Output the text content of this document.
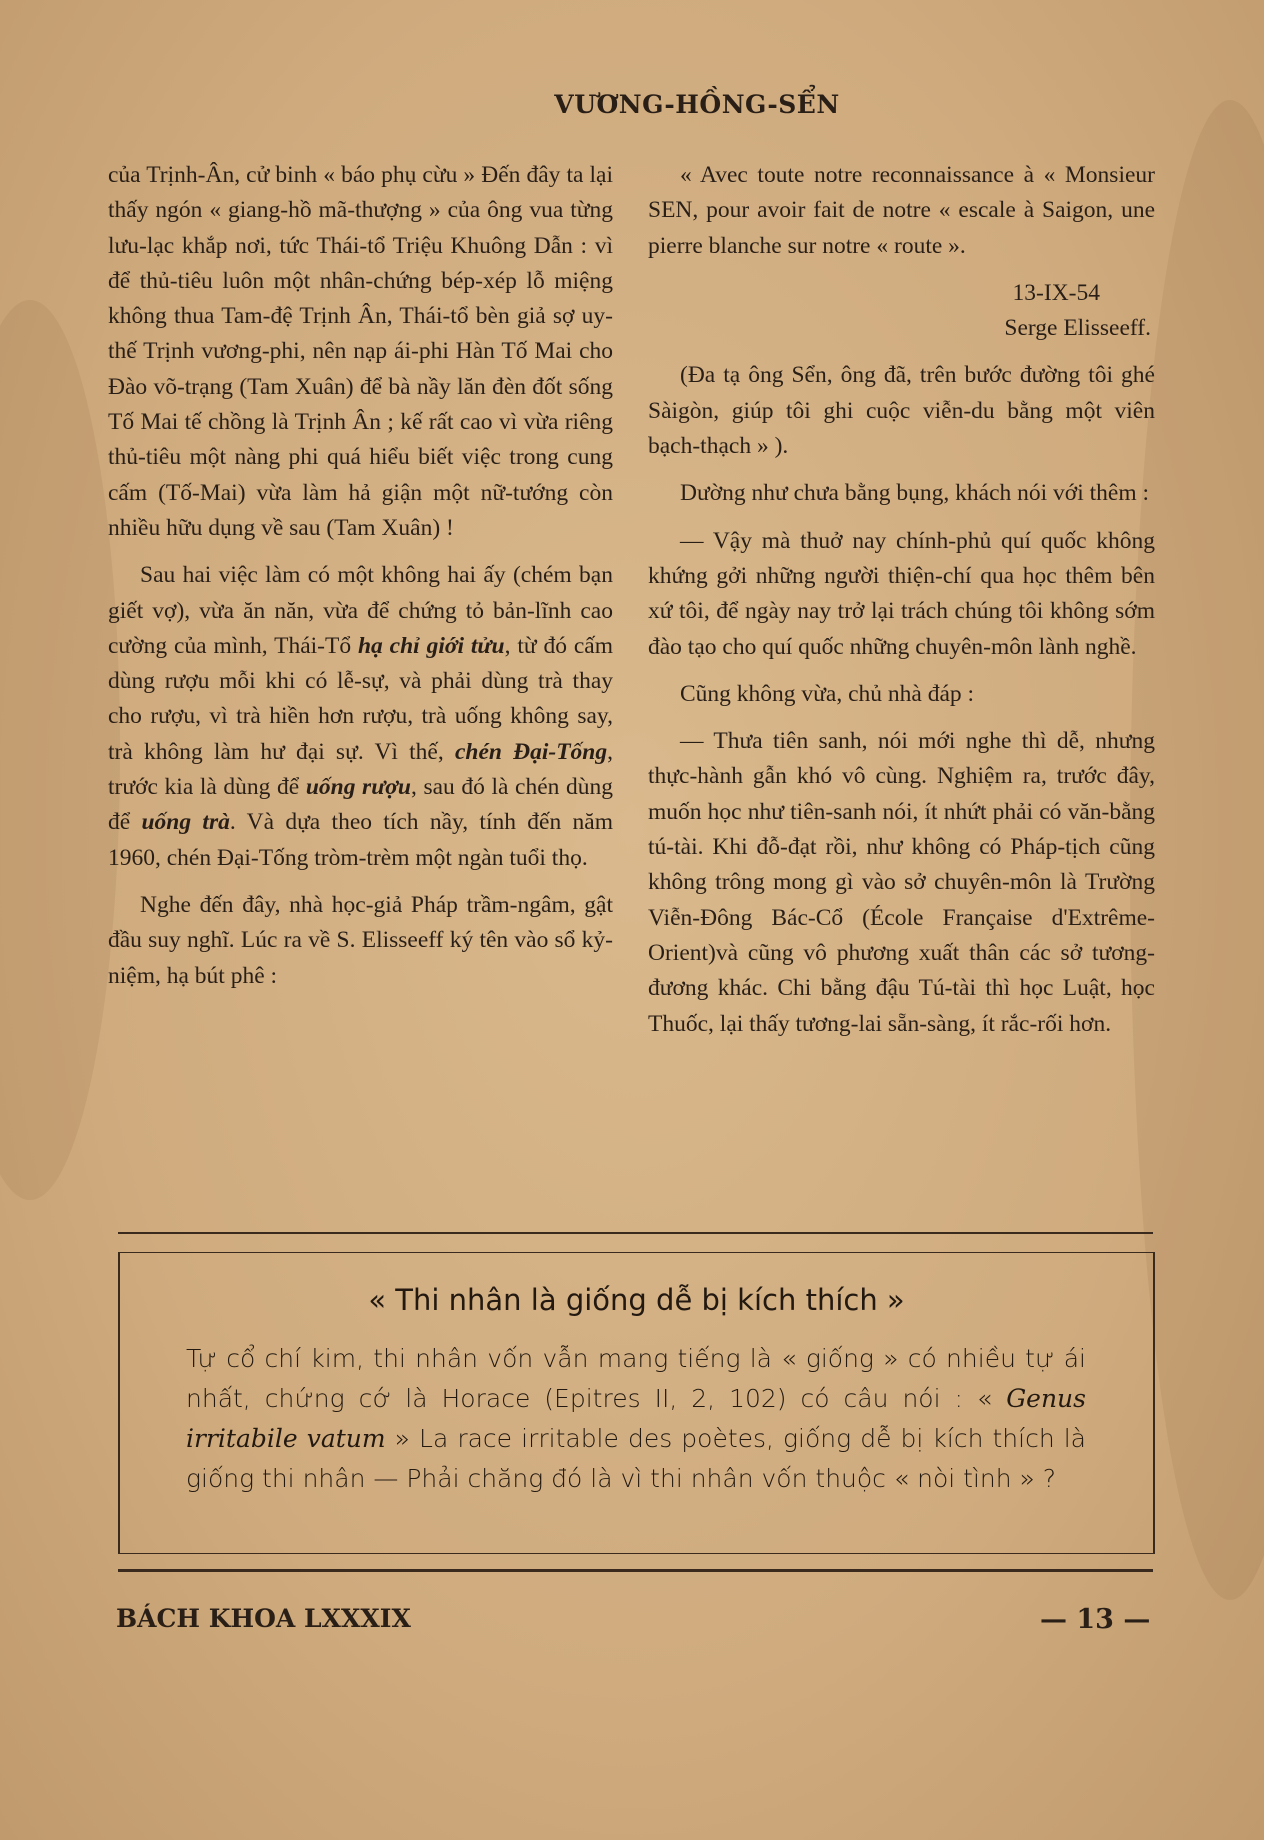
VƯƠNG-HỒNG-SỂN

của Trịnh-Ân, cử binh « báo phụ cừu » Đến đây ta lại thấy ngón « giang-hồ mã-thượng » của ông vua từng lưu-lạc khắp nơi, tức Thái-tổ Triệu Khuông Dẫn : vì để thủ-tiêu luôn một nhân-chứng bép-xép lỗ miệng không thua Tam-đệ Trịnh Ân, Thái-tổ bèn giả sợ uy-thế Trịnh vương-phi, nên nạp ái-phi Hàn Tố Mai cho Đào võ-trạng (Tam Xuân) để bà nầy lăn đèn đốt sống Tố Mai tế chồng là Trịnh Ân ; kế rất cao vì vừa riêng thủ-tiêu một nàng phi quá hiểu biết việc trong cung cấm (Tố-Mai) vừa làm hả giận một nữ-tướng còn nhiều hữu dụng về sau (Tam Xuân) !

Sau hai việc làm có một không hai ấy (chém bạn giết vợ), vừa ăn năn, vừa để chứng tỏ bản-lĩnh cao cường của mình, Thái-Tổ hạ chỉ giới tửu, từ đó cấm dùng rượu mỗi khi có lễ-sự, và phải dùng trà thay cho rượu, vì trà hiền hơn rượu, trà uống không say, trà không làm hư đại sự. Vì thế, chén Đại-Tống, trước kia là dùng để uống rượu, sau đó là chén dùng để uống trà. Và dựa theo tích nầy, tính đến năm 1960, chén Đại-Tống tròm-trèm một ngàn tuổi thọ.

Nghe đến đây, nhà học-giả Pháp trầm-ngâm, gật đầu suy nghĩ. Lúc ra về S. Elisseeff ký tên vào sổ kỷ-niệm, hạ bút phê :

« Avec toute notre reconnaissance à « Monsieur SEN, pour avoir fait de notre « escale à Saigon, une pierre blanche sur notre « route ».

13-IX-54

Serge Elisseeff.

(Đa tạ ông Sển, ông đã, trên bước đường tôi ghé Sàigòn, giúp tôi ghi cuộc viễn-du bằng một viên bạch-thạch » ).

Dường như chưa bằng bụng, khách nói với thêm :

— Vậy mà thuở nay chính-phủ quí quốc không khứng gởi những người thiện-chí qua học thêm bên xứ tôi, để ngày nay trở lại trách chúng tôi không sớm đào tạo cho quí quốc những chuyên-môn lành nghề.

Cũng không vừa, chủ nhà đáp :

— Thưa tiên sanh, nói mới nghe thì dễ, nhưng thực-hành gẫn khó vô cùng. Nghiệm ra, trước đây, muốn học như tiên-sanh nói, ít nhứt phải có văn-bằng tú-tài. Khi đỗ-đạt rồi, như không có Pháp-tịch cũng không trông mong gì vào sở chuyên-môn là Trường Viễn-Đông Bác-Cổ (École Française d'Extrême-Orient)và cũng vô phương xuất thân các sở tương-đương khác. Chi bằng đậu Tú-tài thì học Luật, học Thuốc, lại thấy tương-lai sẵn-sàng, ít rắc-rối hơn.

« Thi nhân là giống dễ bị kích thích »
Tự cổ chí kim, thi nhân vốn vẫn mang tiếng là « giống » có nhiều tự ái nhất, chứng cớ là Horace (Epitres II, 2, 102) có câu nói : « Genus irritabile vatum » La race irritable des poètes, giống dễ bị kích thích là giống thi nhân — Phải chăng đó là vì thi nhân vốn thuộc « nòi tình » ?
BÁCH KHOA LXXXIX	— 13 —
